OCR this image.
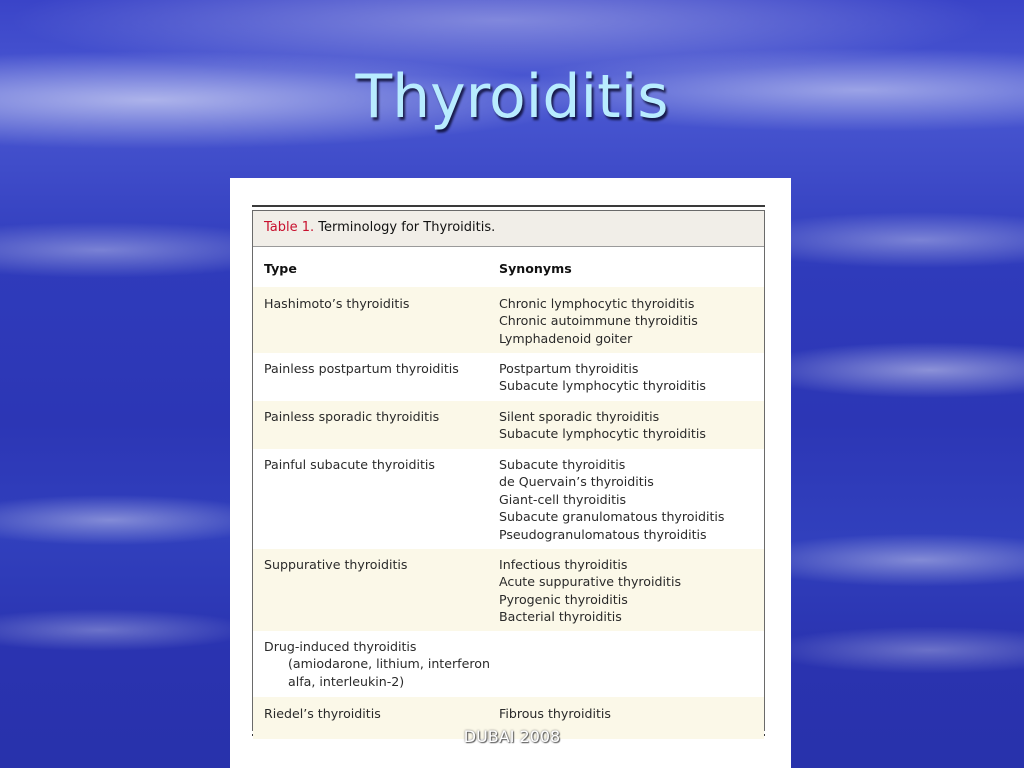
Thyroiditis
Table 1. Terminology for Thyroiditis.
Type	Synonyms
Hashimoto’s thyroiditis	Chronic lymphocytic thyroiditis
Chronic autoimmune thyroiditis
Lymphadenoid goiter
Painless postpartum thyroiditis	Postpartum thyroiditis
Subacute lymphocytic thyroiditis
Painless sporadic thyroiditis	Silent sporadic thyroiditis
Subacute lymphocytic thyroiditis
Painful subacute thyroiditis	Subacute thyroiditis
de Quervain’s thyroiditis
Giant-cell thyroiditis
Subacute granulomatous thyroiditis
Pseudogranulomatous thyroiditis
Suppurative thyroiditis	Infectious thyroiditis
Acute suppurative thyroiditis
Pyrogenic thyroiditis
Bacterial thyroiditis
Drug-induced thyroiditis
(amiodarone, lithium, interferon
alfa, interleukin-2)
Riedel’s thyroiditis	Fibrous thyroiditis
DUBAI 2008
